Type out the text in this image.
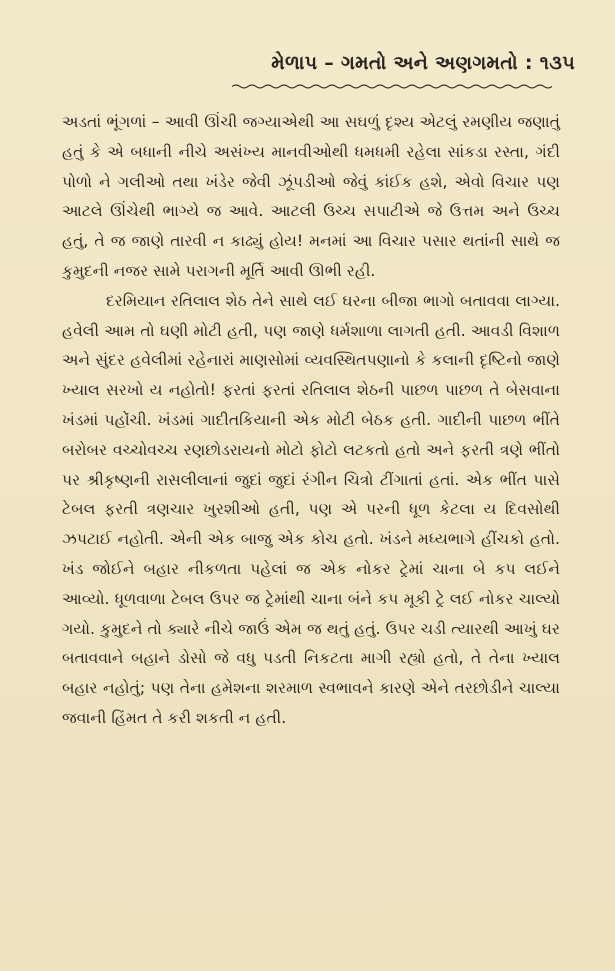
મેળાપ – ગમતો અને અણગમતો : ૧૩૫

અડતાં ભૂંગળાં – આવી ઊંચી જગ્યાએથી આ સઘળું દૃશ્ય એટલું રમણીય જણાતું હતું કે એ બધાની નીચે અસંખ્ય માનવીઓથી ધમધમી રહેલા સાંકડા રસ્તા, ગંદી પોળો ને ગલીઓ તથા ખંડેર જેવી ઝૂંપડીઓ જેવું કાંઈક હશે, એવો વિચાર પણ આટલે ઊંચેથી ભાગ્યે જ આવે. આટલી ઉચ્ચ સપાટીએ જે ઉત્તમ અને ઉચ્ચ હતું, તે જ જાણે તારવી ન કાઢ્યું હોય! મનમાં આ વિચાર પસાર થતાંની સાથે જ કુમુદની નજર સામે પરાગની મૂર્તિ આવી ઊભી રહી.

દરમિયાન રતિલાલ શેઠ તેને સાથે લઈ ઘરના બીજા ભાગો બતાવવા લાગ્યા. હવેલી આમ તો ઘણી મોટી હતી, પણ જાણે ધર્મશાળા લાગતી હતી. આવડી વિશાળ અને સુંદર હવેલીમાં રહેનારાં માણસોમાં વ્યવસ્થિતપણાનો કે કલાની દૃષ્ટિનો જાણે ખ્યાલ સરખો ય નહોતો! ફરતાં ફરતાં રતિલાલ શેઠની પાછળ પાછળ તે બેસવાના ખંડમાં પહોંચી. ખંડમાં ગાદીતકિયાની એક મોટી બેઠક હતી. ગાદીની પાછળ ભીંતે બરોબર વચ્ચોવચ્ચ રણછોડરાયનો મોટો ફોટો લટકતો હતો અને ફરતી ત્રણે ભીંતો પર શ્રીકૃષ્ણની રાસલીલાનાં જુદાં જુદાં રંગીન ચિત્રો ટીંગાતાં હતાં. એક ભીંત પાસે ટેબલ ફરતી ત્રણચાર ખુરશીઓ હતી, પણ એ પરની ધૂળ કેટલા ય દિવસોથી ઝપટાઈ નહોતી. એની એક બાજુ એક કોચ હતો. ખંડને મધ્યભાગે હીંચકો હતો. ખંડ જોઈને બહાર નીકળતા પહેલાં જ એક નોકર ટ્રેમાં ચાના બે કપ લઈને આવ્યો. ધૂળવાળા ટેબલ ઉપર જ ટ્રેમાંથી ચાના બંને કપ મૂકી ટ્રે લઈ નોકર ચાલ્યો ગયો. કુમુદને તો ક્યારે નીચે જાઉં એમ જ થતું હતું. ઉપર ચડી ત્યારથી આખું ઘર બતાવવાને બહાને ડોસો જે વધુ પડતી નિકટતા માગી રહ્યો હતો, તે તેના ખ્યાલ બહાર નહોતું; પણ તેના હમેશના શરમાળ સ્વભાવને કારણે એને તરછોડીને ચાલ્યા જવાની હિંમત તે કરી શકતી ન હતી.
